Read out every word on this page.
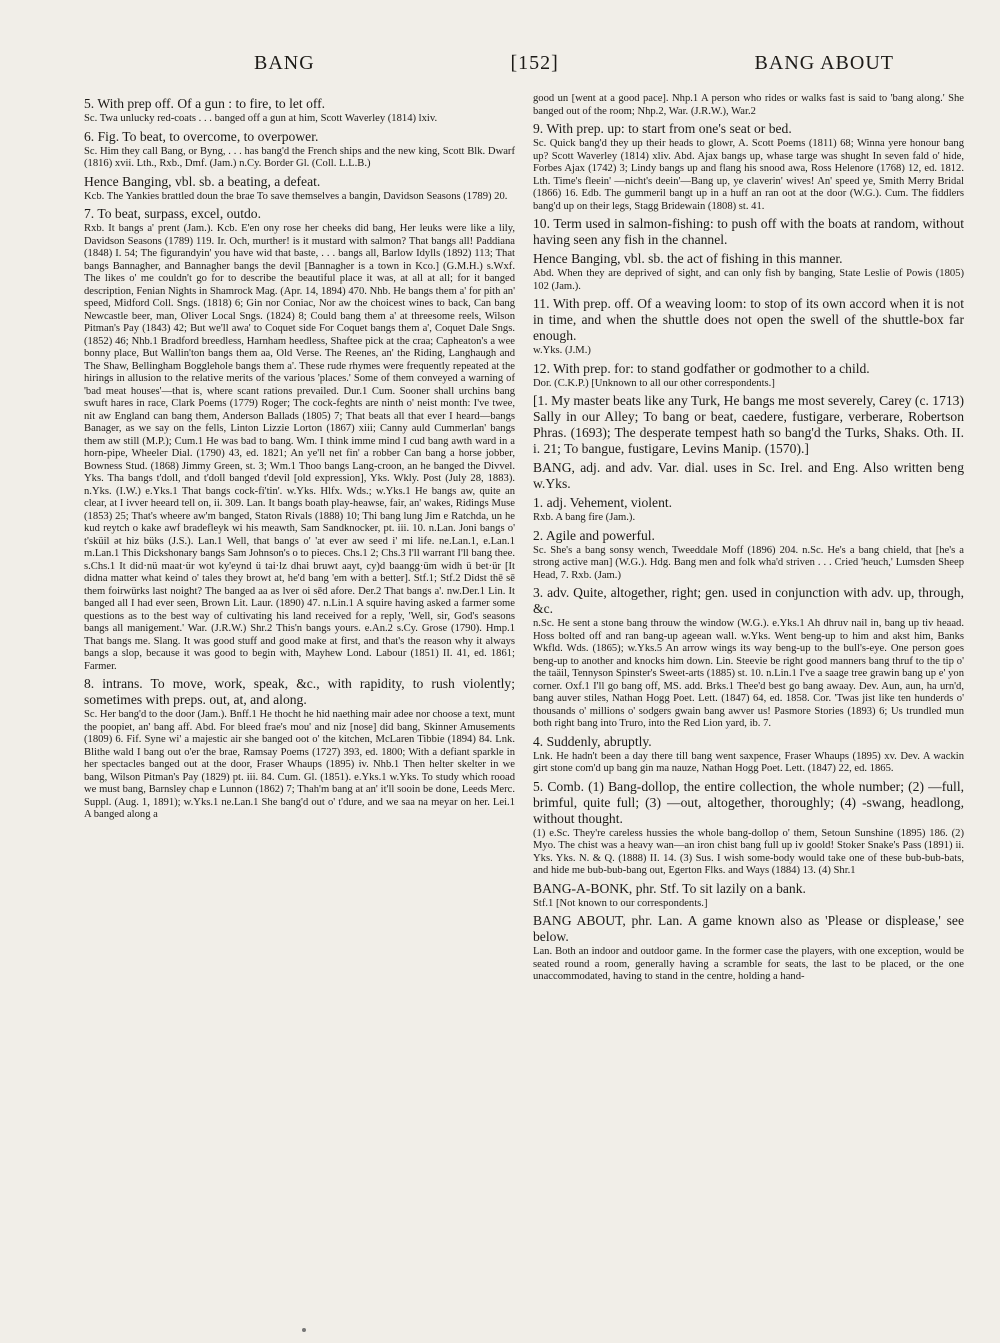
BANG	[152]	BANG ABOUT

5. With prep off. Of a gun : to fire, to let off.

Sc. Twa unlucky red-coats . . . banged off a gun at him, Scott Waverley (1814) lxiv.

6. Fig. To beat, to overcome, to overpower.

Sc. Him they call Bang, or Byng, . . . has bang'd the French ships and the new king, Scott Blk. Dwarf (1816) xvii. Lth., Rxb., Dmf. (Jam.) n.Cy. Border Gl. (Coll. L.L.B.)

Hence Banging, vbl. sb. a beating, a defeat.

Kcb. The Yankies brattled doun the brae To save themselves a bangin, Davidson Seasons (1789) 20.

7. To beat, surpass, excel, outdo.

Rxb. It bangs a' prent (Jam.). Kcb. E'en ony rose her cheeks did bang, Her leuks were like a lily, Davidson Seasons (1789) 119. Ir. Och, murther! is it mustard with salmon? That bangs all! Paddiana (1848) I. 54; The figurandyin' you have wid that baste, . . . bangs all, Barlow Idylls (1892) 113; That bangs Bannagher, and Bannagher bangs the devil [Bannagher is a town in Kco.] (G.M.H.) s.Wxf. The likes o' me couldn't go for to describe the beautiful place it was, at all at all; for it banged description, Fenian Nights in Shamrock Mag. (Apr. 14, 1894) 470. Nhb. He bangs them a' for pith an' speed, Midford Coll. Sngs. (1818) 6; Gin nor Coniac, Nor aw the choicest wines to back, Can bang Newcastle beer, man, Oliver Local Sngs. (1824) 8; Could bang them a' at threesome reels, Wilson Pitman's Pay (1843) 42; But we'll awa' to Coquet side For Coquet bangs them a', Coquet Dale Sngs. (1852) 46; Nhb.1 Bradford breedless, Harnham heedless, Shaftee pick at the craa; Capheaton's a wee bonny place, But Wallin'ton bangs them aa, Old Verse. The Reenes, an' the Riding, Langhaugh and The Shaw, Bellingham Bogglehole bangs them a'. These rude rhymes were frequently repeated at the hirings in allusion to the relative merits of the various 'places.' Some of them conveyed a warning of 'bad meat houses'—that is, where scant rations prevailed. Dur.1 Cum. Sooner shall urchins bang swuft hares in race, Clark Poems (1779) Roger; The cock-feghts are ninth o' neist month: I've twee, nit aw England can bang them, Anderson Ballads (1805) 7; That beats all that ever I heard—bangs Banager, as we say on the fells, Linton Lizzie Lorton (1867) xiii; Canny auld Cummerlan' bangs them aw still (M.P.); Cum.1 He was bad to bang. Wm. I think imme mind I cud bang awth ward in a horn-pipe, Wheeler Dial. (1790) 43, ed. 1821; An ye'll net fin' a robber Can bang a horse jobber, Bowness Stud. (1868) Jimmy Green, st. 3; Wm.1 Thoo bangs Lang-croon, an he banged the Divvel. Yks. Tha bangs t'doll, and t'doll banged t'devil [old expression], Yks. Wkly. Post (July 28, 1883). n.Yks. (I.W.) e.Yks.1 That bangs cock-fi'tin'. w.Yks. Hlfx. Wds.; w.Yks.1 He bangs aw, quite an clear, at I ivver heeard tell on, ii. 309. Lan. It bangs boath play-heawse, fair, an' wakes, Ridings Muse (1853) 25; That's wheere aw'm banged, Staton Rivals (1888) 10; Thi bang lung Jim e Ratchda, un he kud reytch o kake awf bradefleyk wi his meawth, Sam Sandknocker, pt. iii. 10. n.Lan. Joni bangs o' t'sküil ət hiz büks (J.S.). Lan.1 Well, that bangs o' 'at ever aw seed i' mi life. ne.Lan.1, e.Lan.1 m.Lan.1 This Dickshonary bangs Sam Johnson's o to pieces. Chs.1 2; Chs.3 I'll warrant I'll bang thee. s.Chs.1 It did·nü maat·ür wot ky'eynd ü tai·lz dhai bruwt aayt, cy)d baangg·üm widh ü bet·ür [It didna matter what keind o' tales they browt at, he'd bang 'em with a better]. Stf.1; Stf.2 Didst thē sē them foirwürks last noight? The banged aa as lver oi sēd afore. Der.2 That bangs a'. nw.Der.1 Lin. It banged all I had ever seen, Brown Lit. Laur. (1890) 47. n.Lin.1 A squire having asked a farmer some questions as to the best way of cultivating his land received for a reply, 'Well, sir, God's seasons bangs all manigement.' War. (J.R.W.) Shr.2 This'n bangs yours. e.An.2 s.Cy. Grose (1790). Hmp.1 That bangs me. Slang. It was good stuff and good make at first, and that's the reason why it always bangs a slop, because it was good to begin with, Mayhew Lond. Labour (1851) II. 41, ed. 1861; Farmer.

8. intrans. To move, work, speak, &c., with rapidity, to rush violently; sometimes with preps. out, at, and along.

Sc. Her bang'd to the door (Jam.). Bnff.1 He thocht he hid naething mair adee nor choose a text, munt the poopiet, an' bang aff. Abd. For bleed frae's mou' and niz [nose] did bang, Skinner Amusements (1809) 6. Fif. Syne wi' a majestic air she banged oot o' the kitchen, McLaren Tibbie (1894) 84. Lnk. Blithe wald I bang out o'er the brae, Ramsay Poems (1727) 393, ed. 1800; With a defiant sparkle in her spectacles banged out at the door, Fraser Whaups (1895) iv. Nhb.1 Then helter skelter in we bang, Wilson Pitman's Pay (1829) pt. iii. 84. Cum. Gl. (1851). e.Yks.1 w.Yks. To study which rooad we must bang, Barnsley chap e Lunnon (1862) 7; Thah'm bang at an' it'll sooin be done, Leeds Merc. Suppl. (Aug. 1, 1891); w.Yks.1 ne.Lan.1 She bang'd out o' t'dure, and we saa na meyar on her. Lei.1 A banged along a

good un [went at a good pace]. Nhp.1 A person who rides or walks fast is said to 'bang along.' She banged out of the room; Nhp.2, War. (J.R.W.), War.2

9. With prep. up: to start from one's seat or bed.

Sc. Quick bang'd they up their heads to glowr, A. Scott Poems (1811) 68; Winna yere honour bang up? Scott Waverley (1814) xliv. Abd. Ajax bangs up, whase targe was shught In seven fald o' hide, Forbes Ajax (1742) 3; Lindy bangs up and flang his snood awa, Ross Helenore (1768) 12, ed. 1812. Lth. Time's fleein' —nicht's deein'—Bang up, ye claverin' wives! An' speed ye, Smith Merry Bridal (1866) 16. Edb. The gummeril bangt up in a huff an ran oot at the door (W.G.). Cum. The fiddlers bang'd up on their legs, Stagg Bridewain (1808) st. 41.

10. Term used in salmon-fishing: to push off with the boats at random, without having seen any fish in the channel.

Hence Banging, vbl. sb. the act of fishing in this manner.

Abd. When they are deprived of sight, and can only fish by banging, State Leslie of Powis (1805) 102 (Jam.).

11. With prep. off. Of a weaving loom: to stop of its own accord when it is not in time, and when the shuttle does not open the swell of the shuttle-box far enough.

w.Yks. (J.M.)

12. With prep. for: to stand godfather or godmother to a child.

Dor. (C.K.P.) [Unknown to all our other correspondents.]

[1. My master beats like any Turk, He bangs me most severely, Carey (c. 1713) Sally in our Alley; To bang or beat, caedere, fustigare, verberare, Robertson Phras. (1693); The desperate tempest hath so bang'd the Turks, Shaks. Oth. II. i. 21; To bangue, fustigare, Levins Manip. (1570).]

BANG, adj. and adv. Var. dial. uses in Sc. Irel. and Eng. Also written beng w.Yks.

1. adj. Vehement, violent.

Rxb. A bang fire (Jam.).

2. Agile and powerful.

Sc. She's a bang sonsy wench, Tweeddale Moff (1896) 204. n.Sc. He's a bang chield, that [he's a strong active man] (W.G.). Hdg. Bang men and folk wha'd striven . . . Cried 'heuch,' Lumsden Sheep Head, 7. Rxb. (Jam.)

3. adv. Quite, altogether, right; gen. used in conjunction with adv. up, through, &c.

n.Sc. He sent a stone bang throuw the window (W.G.). e.Yks.1 Ah dhruv nail in, bang up tiv heaad. Hoss bolted off and ran bang-up ageean wall. w.Yks. Went beng-up to him and akst him, Banks Wkfld. Wds. (1865); w.Yks.5 An arrow wings its way beng-up to the bull's-eye. One person goes beng-up to another and knocks him down. Lin. Steevie be right good manners bang thruf to the tip o' the taäil, Tennyson Spinster's Sweet-arts (1885) st. 10. n.Lin.1 I've a saage tree grawin bang up e' yon corner. Oxf.1 I'll go bang off, MS. add. Brks.1 Thee'd best go bang awaay. Dev. Aun, aun, ha urn'd, bang auver stiles, Nathan Hogg Poet. Lett. (1847) 64, ed. 1858. Cor. 'Twas jist like ten hunderds o' thousands o' millions o' sodgers gwain bang awver us! Pasmore Stories (1893) 6; Us trundled mun both right bang into Truro, into the Red Lion yard, ib. 7.

4. Suddenly, abruptly.

Lnk. He hadn't been a day there till bang went saxpence, Fraser Whaups (1895) xv. Dev. A wackin girt stone com'd up bang gin ma nauze, Nathan Hogg Poet. Lett. (1847) 22, ed. 1865.

5. Comb. (1) Bang-dollop, the entire collection, the whole number; (2) —full, brimful, quite full; (3) —out, altogether, thoroughly; (4) -swang, headlong, without thought.

(1) e.Sc. They're careless hussies the whole bang-dollop o' them, Setoun Sunshine (1895) 186. (2) Myo. The chist was a heavy wan—an iron chist bang full up iv goold! Stoker Snake's Pass (1891) ii. Yks. Yks. N. & Q. (1888) II. 14. (3) Sus. I wish some-body would take one of these bub-bub-bats, and hide me bub-bub-bang out, Egerton Flks. and Ways (1884) 13. (4) Shr.1

BANG-A-BONK, phr. Stf. To sit lazily on a bank.

Stf.1 [Not known to our correspondents.]

BANG ABOUT, phr. Lan. A game known also as 'Please or displease,' see below.

Lan. Both an indoor and outdoor game. In the former case the players, with one exception, would be seated round a room, generally having a scramble for seats, the last to be placed, or the one unaccommodated, having to stand in the centre, holding a hand-
